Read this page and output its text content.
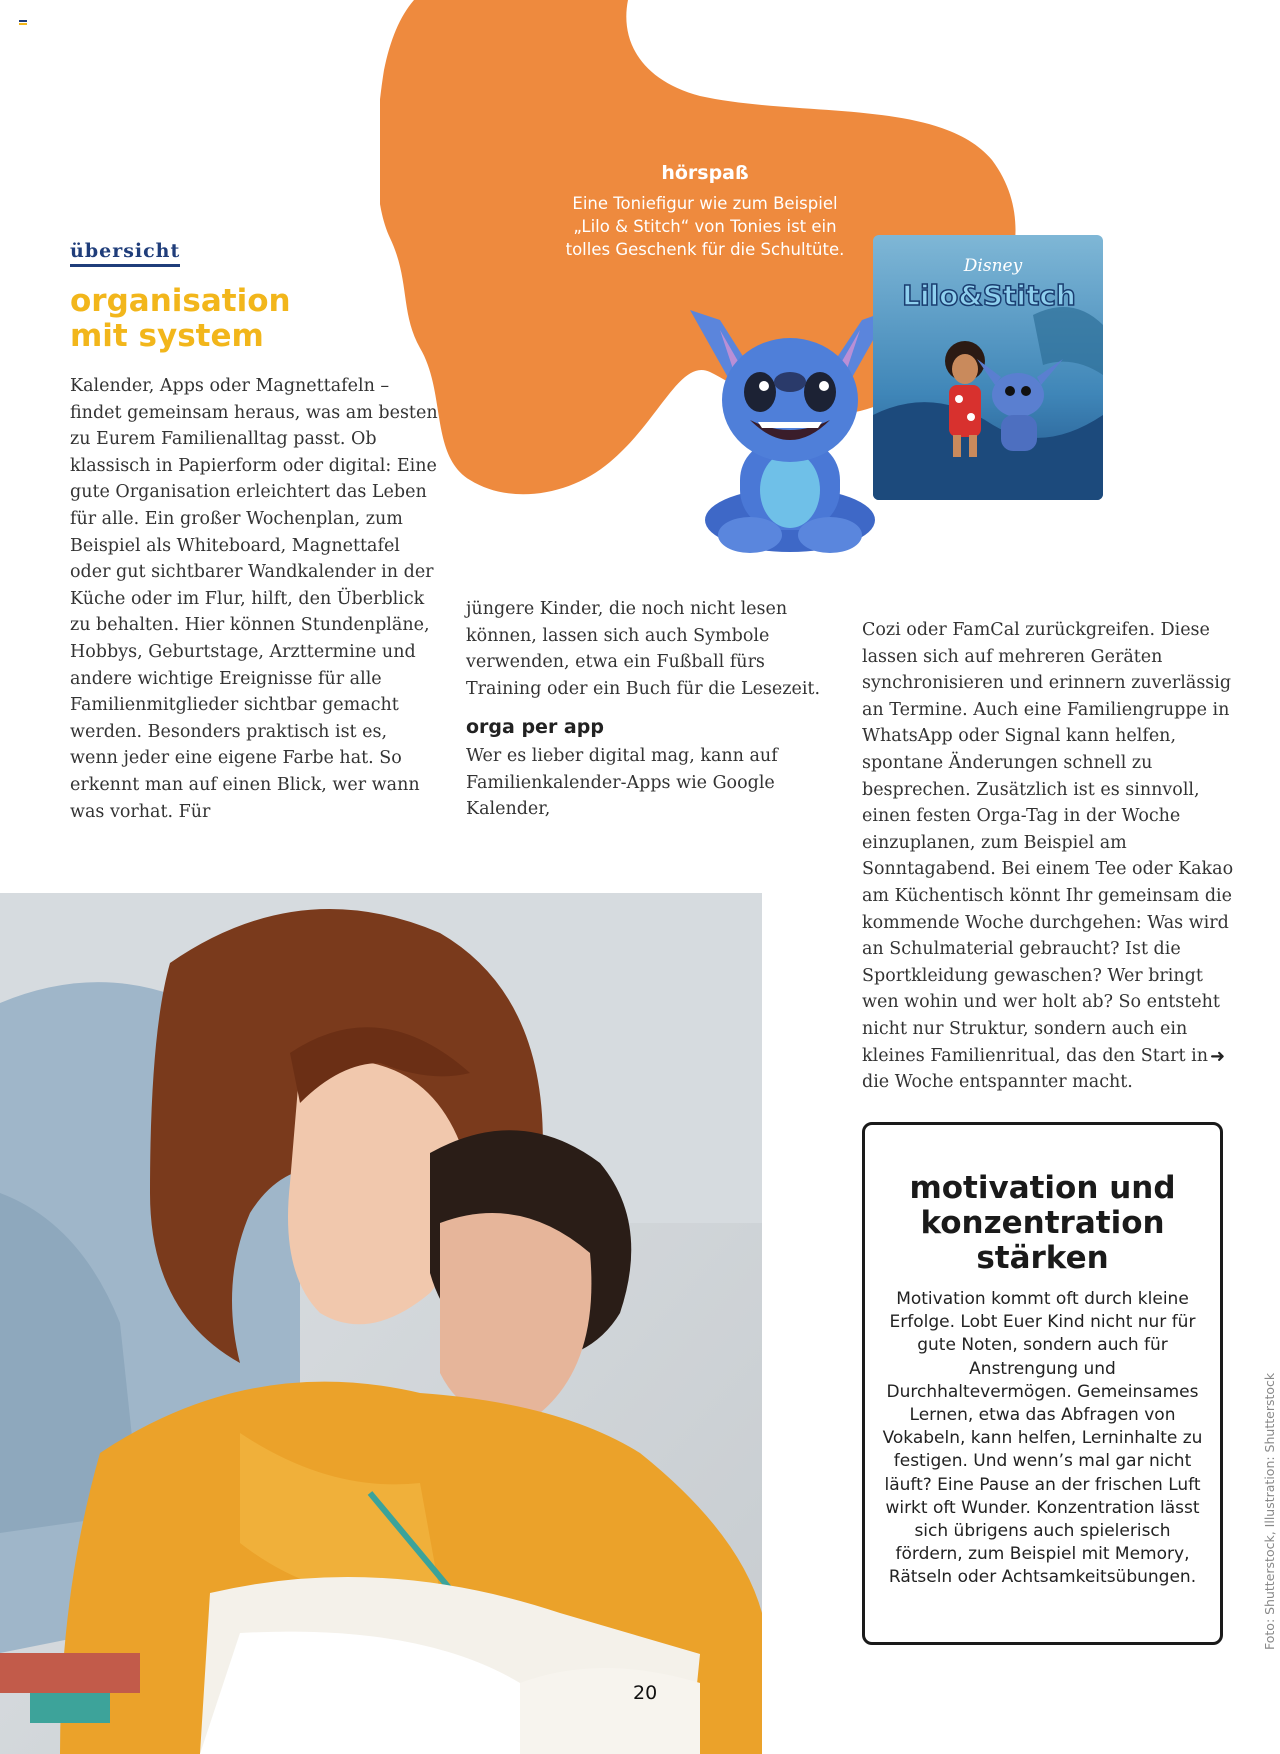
hörspaß
Eine Toniefigur wie zum Beispiel „Lilo & Stitch“ von Tonies ist ein tolles Geschenk für die Schultüte.
Disney
Lilo&Stitch
übersicht
organisation
mit system
Kalender, Apps oder Magnettafeln – findet gemeinsam heraus, was am besten zu Eurem Familienalltag passt. Ob klassisch in Papierform oder digital: Eine gute Organisation erleichtert das Leben für alle. Ein großer Wochenplan, zum Beispiel als Whiteboard, Magnettafel oder gut sichtbarer Wandkalender in der Küche oder im Flur, hilft, den Überblick zu behalten. Hier können Stundenpläne, Hobbys, Geburtstage, Arzttermine und andere wichtige Ereignisse für alle Familienmitglieder sichtbar gemacht werden. Besonders praktisch ist es, wenn jeder eine eigene Farbe hat. So erkennt man auf einen Blick, wer wann was vorhat. Für
jüngere Kinder, die noch nicht lesen können, lassen sich auch Symbole verwenden, etwa ein Fußball fürs Training oder ein Buch für die Lesezeit.
orga per app
Wer es lieber digital mag, kann auf Familienkalender-Apps wie Google Kalender,
Cozi oder FamCal zurückgreifen. Diese lassen sich auf mehreren Geräten synchronisieren und erinnern zuverlässig an Termine. Auch eine Familiengruppe in WhatsApp oder Signal kann helfen, spontane Änderungen schnell zu besprechen. Zusätzlich ist es sinnvoll, einen festen Orga-Tag in der Woche einzuplanen, zum Beispiel am Sonntagabend. Bei einem Tee oder Kakao am Küchentisch könnt Ihr gemeinsam die kommende Woche durchgehen: Was wird an Schulmaterial gebraucht? Ist die Sportkleidung gewaschen? Wer bringt wen wohin und wer holt ab? So entsteht nicht nur Struktur, sondern auch ein kleines Familienritual, das den Start in die Woche entspannter macht.
➜
20
motivation und konzentration stärken
Motivation kommt oft durch kleine Erfolge. Lobt Euer Kind nicht nur für gute Noten, sondern auch für Anstrengung und Durchhaltevermögen. Gemeinsames Lernen, etwa das Abfragen von Vokabeln, kann helfen, Lerninhalte zu festigen. Und wenn’s mal gar nicht läuft? Eine Pause an der frischen Luft wirkt oft Wunder. Konzentration lässt sich übrigens auch spielerisch fördern, zum Beispiel mit Memory, Rätseln oder Achtsamkeitsübungen.	Foto: Shutterstock, Illustration: Shutterstock
